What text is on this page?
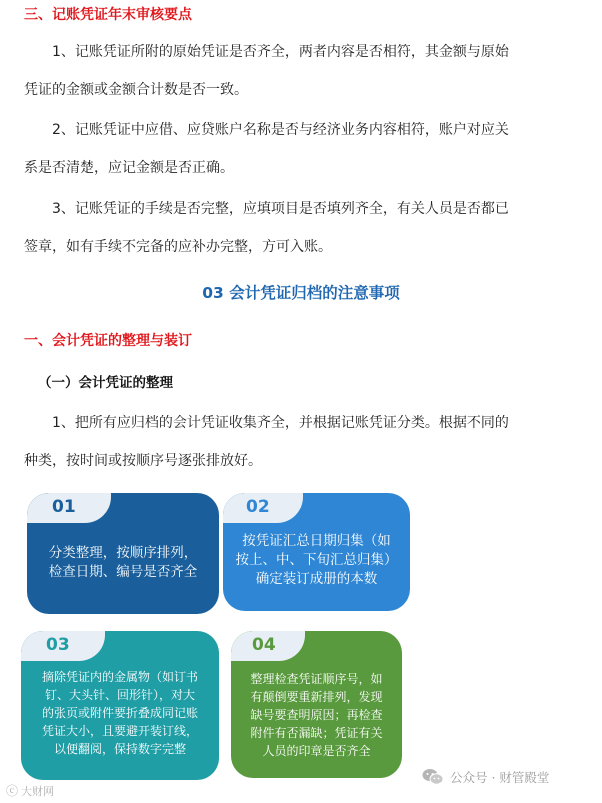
三、记账凭证年末审核要点
1、记账凭证所附的原始凭证是否齐全，两者内容是否相符，其金额与原始
凭证的金额或金额合计数是否一致。
2、记账凭证中应借、应贷账户名称是否与经济业务内容相符，账户对应关
系是否清楚，应记金额是否正确。
3、记账凭证的手续是否完整，应填项目是否填列齐全，有关人员是否都已
签章，如有手续不完备的应补办完整，方可入账。
03 会计凭证归档的注意事项
一、会计凭证的整理与装订
（一）会计凭证的整理
1、把所有应归档的会计凭证收集齐全，并根据记账凭证分类。根据不同的
种类，按时间或按顺序号逐张排放好。
01
分类整理，按顺序排列，
检查日期、编号是否齐全
02
按凭证汇总日期归集（如
按上、中、下旬汇总归集）
确定装订成册的本数
03
摘除凭证内的金属物（如订书
钉、大头针、回形针），对大
的张页或附件要折叠成同记账
凭证大小，且要避开装订线，
以便翻阅，保持数字完整
04
整理检查凭证顺序号，如
有颠倒要重新排列，发现
缺号要查明原因；再检查
附件有否漏缺；凭证有关
人员的印章是否齐全
ⓒ 大财网
公众号 · 财管殿堂
